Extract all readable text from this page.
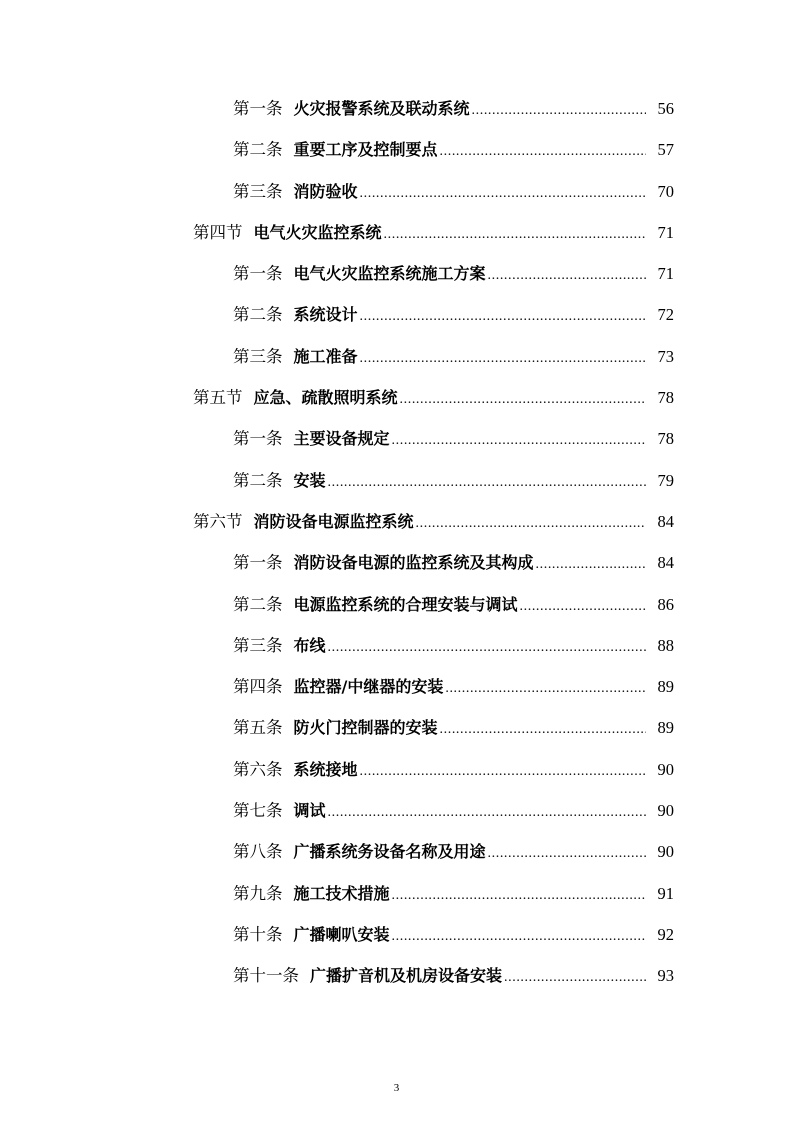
第一条 火灾报警系统及联动系统 .....	56
第二条 重要工序及控制要点 .....	57
第三条 消防验收 .....	70
第四节 电气火灾监控系统 .....	71
第一条 电气火灾监控系统施工方案 .....	71
第二条 系统设计 .....	72
第三条 施工准备 .....	73
第五节 应急、疏散照明系统 .....	78
第一条 主要设备规定 .....	78
第二条 安装 .....	79
第六节 消防设备电源监控系统 .....	84
第一条 消防设备电源的监控系统及其构成 .....	84
第二条 电源监控系统的合理安装与调试 .....	86
第三条 布线 .....	88
第四条 监控器/中继器的安装 .....	89
第五条 防火门控制器的安装 .....	89
第六条 系统接地 .....	90
第七条 调试 .....	90
第八条 广播系统务设备名称及用途 .....	90
第九条 施工技术措施 .....	91
第十条 广播喇叭安装 .....	92
第十一条 广播扩音机及机房设备安装 .....	93
3
